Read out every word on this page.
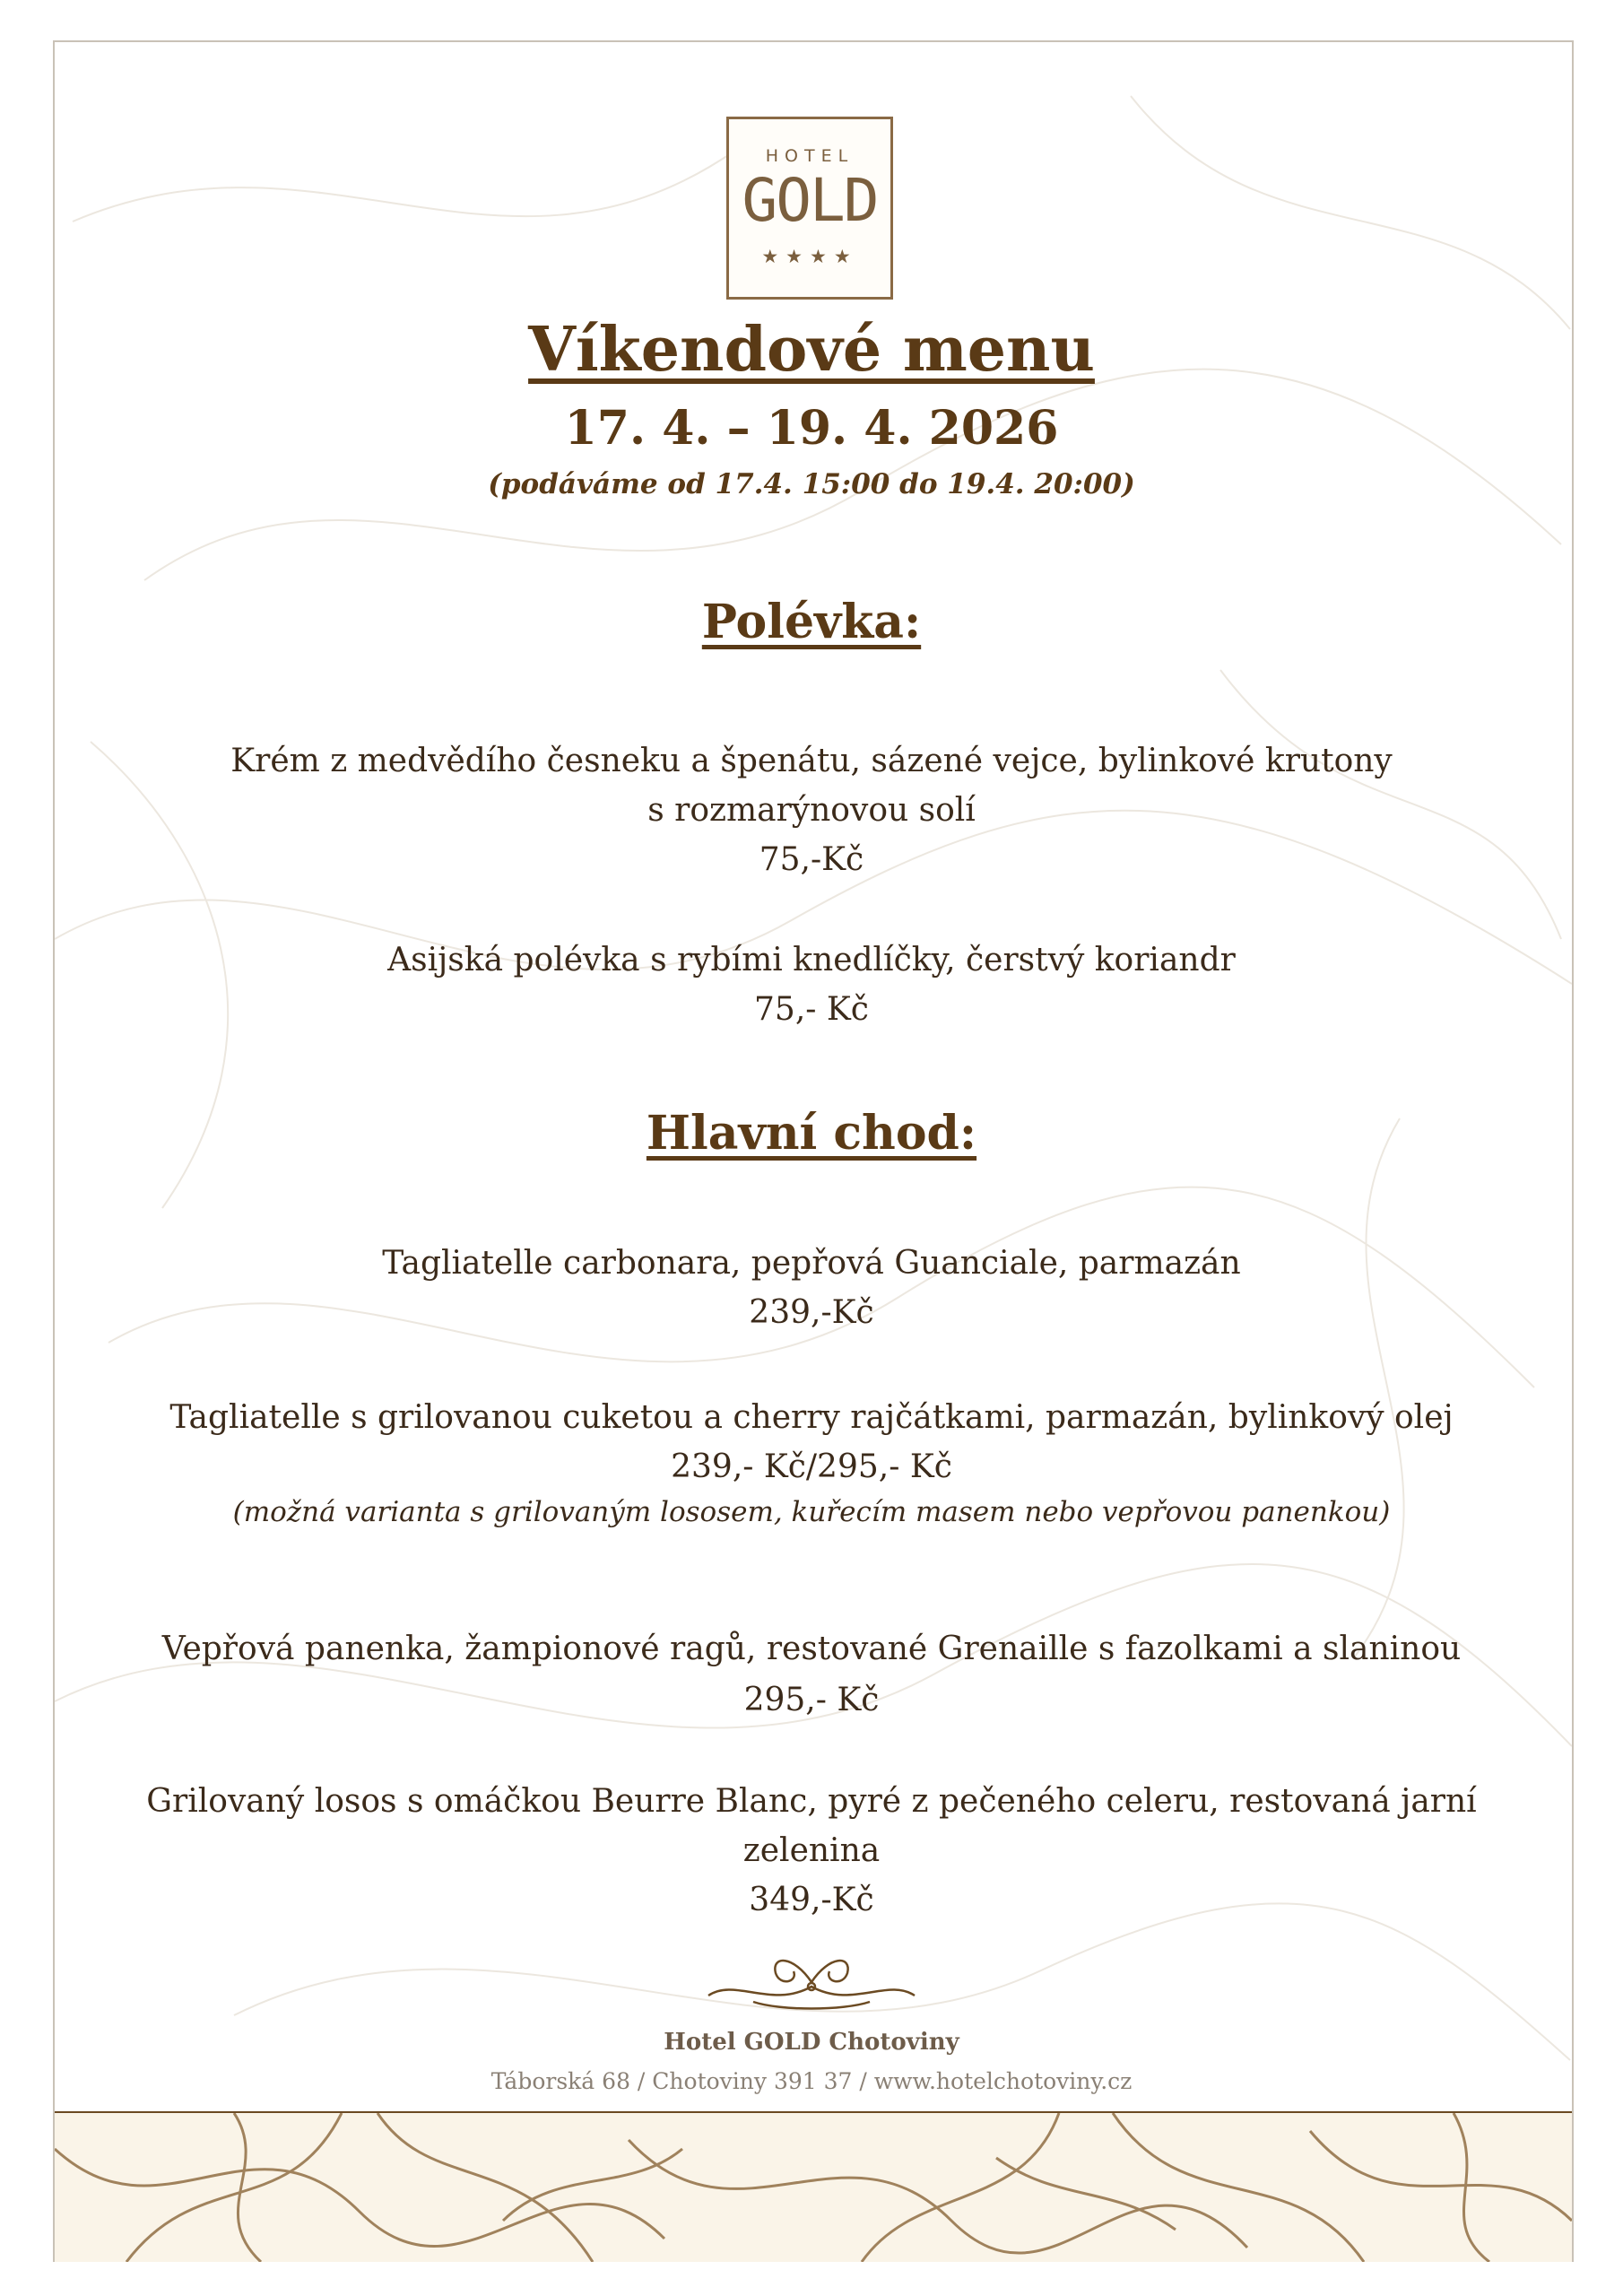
HOTEL
GOLD
★★★★
Víkendové menu
17. 4. – 19. 4. 2026
(podáváme od 17.4. 15:00 do 19.4. 20:00)
Polévka:
Krém z medvědího česneku a špenátu, sázené vejce, bylinkové krutony
s rozmarýnovou solí
75,-Kč
Asijská polévka s rybími knedlíčky, čerstvý koriandr
75,- Kč
Hlavní chod:
Tagliatelle carbonara, pepřová Guanciale, parmazán
239,-Kč
Tagliatelle s grilovanou cuketou a cherry rajčátkami, parmazán, bylinkový olej
239,- Kč/295,- Kč
(možná varianta s grilovaným lososem, kuřecím masem nebo vepřovou panenkou)
Vepřová panenka, žampionové ragů, restované Grenaille s fazolkami a slaninou
295,- Kč
Grilovaný losos s omáčkou Beurre Blanc, pyré z pečeného celeru, restovaná jarní
zelenina
349,-Kč
Hotel GOLD Chotoviny
Táborská 68 / Chotoviny 391 37 / www.hotelchotoviny.cz
